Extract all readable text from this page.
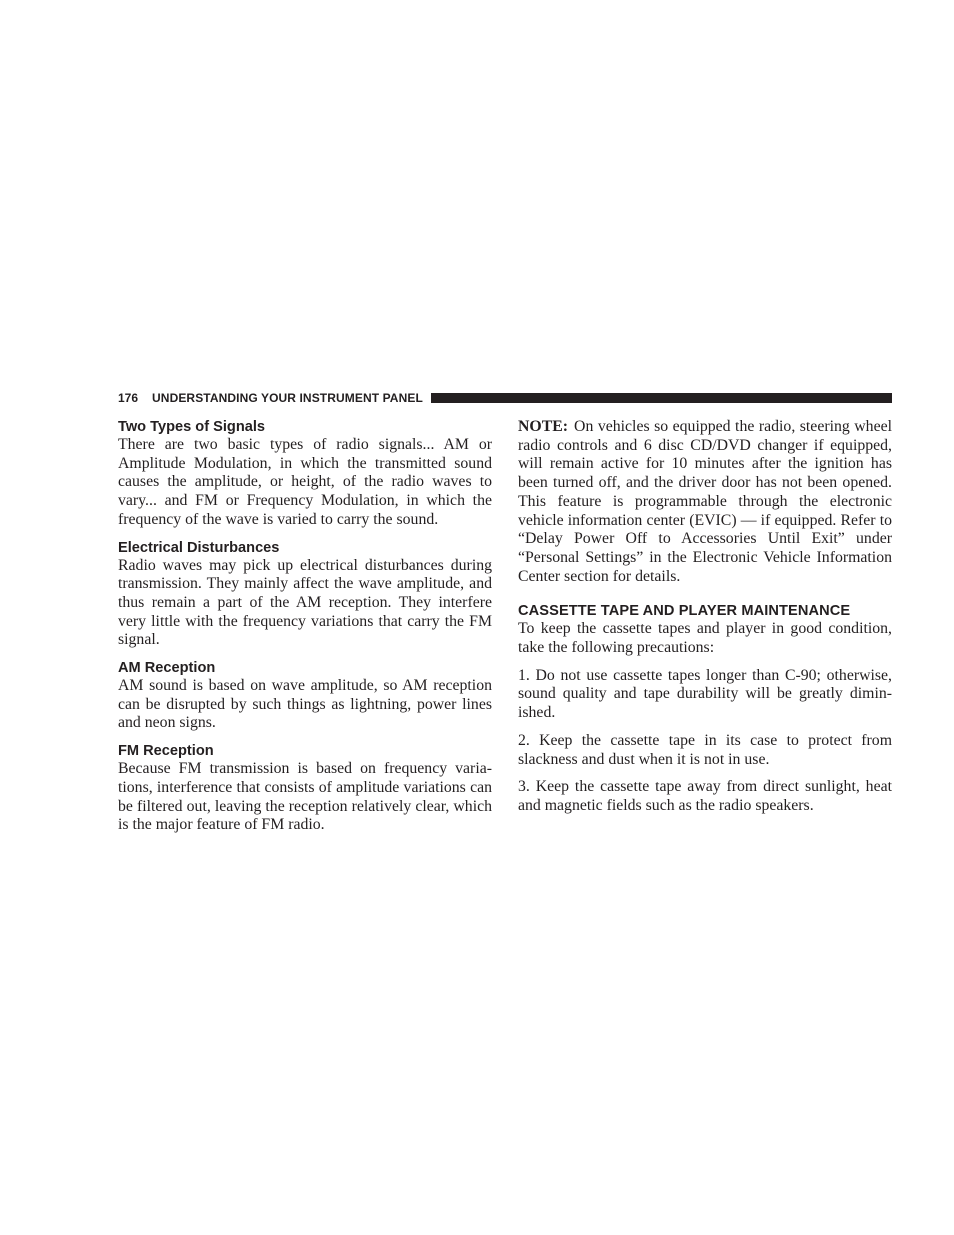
176 UNDERSTANDING YOUR INSTRUMENT PANEL
Two Types of Signals

There are two basic types of radio signals... AM or Amplitude Modulation, in which the transmitted sound causes the amplitude, or height, of the radio waves to vary... and FM or Frequency Modulation, in which the frequency of the wave is varied to carry the sound.

Electrical Disturbances

Radio waves may pick up electrical disturbances during transmission. They mainly affect the wave amplitude, and thus remain a part of the AM reception. They interfere very little with the frequency variations that carry the FM signal.

AM Reception

AM sound is based on wave amplitude, so AM reception can be disrupted by such things as lightning, power lines and neon signs.

FM Reception

Because FM transmission is based on frequency variations, interference that consists of amplitude variations can be filtered out, leaving the reception relatively clear, which is the major feature of FM radio.

NOTE: On vehicles so equipped the radio, steering wheel radio controls and 6 disc CD/DVD changer if equipped, will remain active for 10 minutes after the ignition has been turned off, and the driver door has not been opened. This feature is programmable through the electronic vehicle information center (EVIC) — if equipped. Refer to “Delay Power Off to Accessories Until Exit” under “Personal Settings” in the Electronic Vehicle Information Center section for details.

CASSETTE TAPE AND PLAYER MAINTENANCE

To keep the cassette tapes and player in good condition, take the following precautions:

1. Do not use cassette tapes longer than C-90; otherwise, sound quality and tape durability will be greatly diminished.

2. Keep the cassette tape in its case to protect from slackness and dust when it is not in use.

3. Keep the cassette tape away from direct sunlight, heat and magnetic fields such as the radio speakers.
